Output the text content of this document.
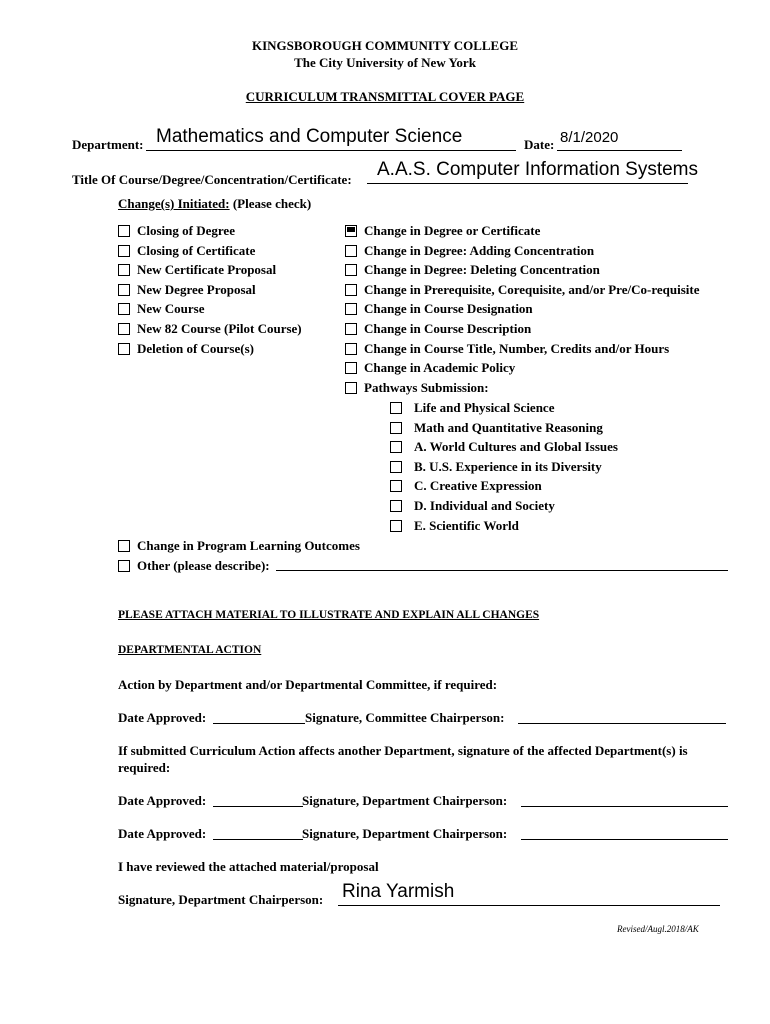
KINGSBOROUGH COMMUNITY COLLEGE
The City University of New York
CURRICULUM TRANSMITTAL COVER PAGE
Department: Mathematics and Computer Science	Date: 8/1/2020
Title Of Course/Degree/Concentration/Certificate: A.A.S. Computer Information Systems
Change(s) Initiated: (Please check)
Closing of Degree
Closing of Certificate
New Certificate Proposal
New Degree Proposal
New Course
New 82 Course (Pilot Course)
Deletion of Course(s)
Change in Degree or Certificate
Change in Degree: Adding Concentration
Change in Degree: Deleting Concentration
Change in Prerequisite, Corequisite, and/or Pre/Co-requisite
Change in Course Designation
Change in Course Description
Change in Course Title, Number, Credits and/or Hours
Change in Academic Policy
Pathways Submission:
Life and Physical Science
Math and Quantitative Reasoning
A. World Cultures and Global Issues
B. U.S. Experience in its Diversity
C. Creative Expression
D. Individual and Society
E. Scientific World
Change in Program Learning Outcomes
Other (please describe):
PLEASE ATTACH MATERIAL TO ILLUSTRATE AND EXPLAIN ALL CHANGES
DEPARTMENTAL ACTION
Action by Department and/or Departmental Committee, if required:
Date Approved:	Signature, Committee Chairperson:
If submitted Curriculum Action affects another Department, signature of the affected Department(s) is
required:
Date Approved:	Signature, Department Chairperson:
Date Approved:	Signature, Department Chairperson:
I have reviewed the attached material/proposal
Signature, Department Chairperson: Rina Yarmish
Revised/Augl.2018/AK
